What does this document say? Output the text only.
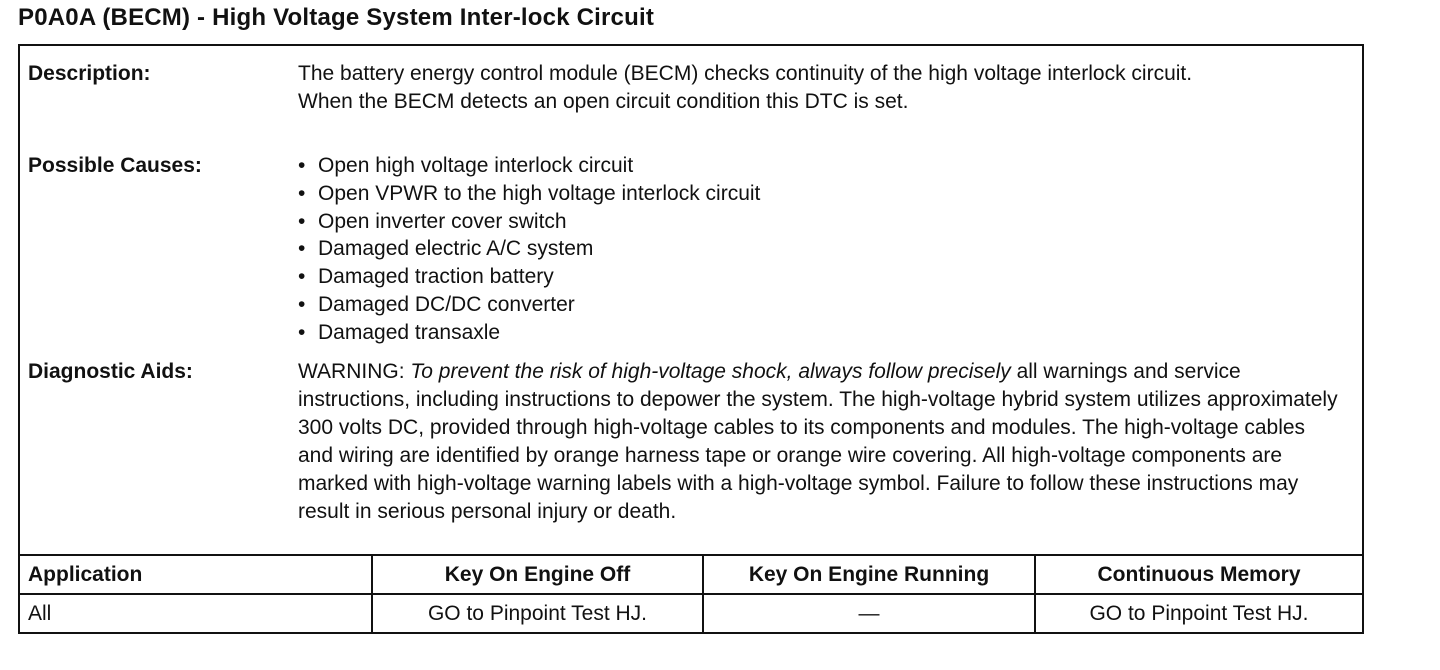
P0A0A (BECM) - High Voltage System Inter-lock Circuit
Description:	The battery energy control module (BECM) checks continuity of the high voltage interlock circuit.

When the BECM detects an open circuit condition this DTC is set.

Possible Causes:	• Open high voltage interlock circuit
• Open VPWR to the high voltage interlock circuit
• Open inverter cover switch
• Damaged electric A/C system
• Damaged traction battery
• Damaged DC/DC converter
• Damaged transaxle
Diagnostic Aids:	WARNING: To prevent the risk of high-voltage shock, always follow precisely all warnings and service instructions, including instructions to depower the system. The high-voltage hybrid system utilizes approximately 300 volts DC, provided through high-voltage cables to its components and modules. The high-voltage cables and wiring are identified by orange harness tape or orange wire covering. All high-voltage components are marked with high-voltage warning labels with a high-voltage symbol. Failure to follow these instructions may result in serious personal injury or death.
Application	Key On Engine Off	Key On Engine Running	Continuous Memory
All	GO to Pinpoint Test HJ.	—	GO to Pinpoint Test HJ.
